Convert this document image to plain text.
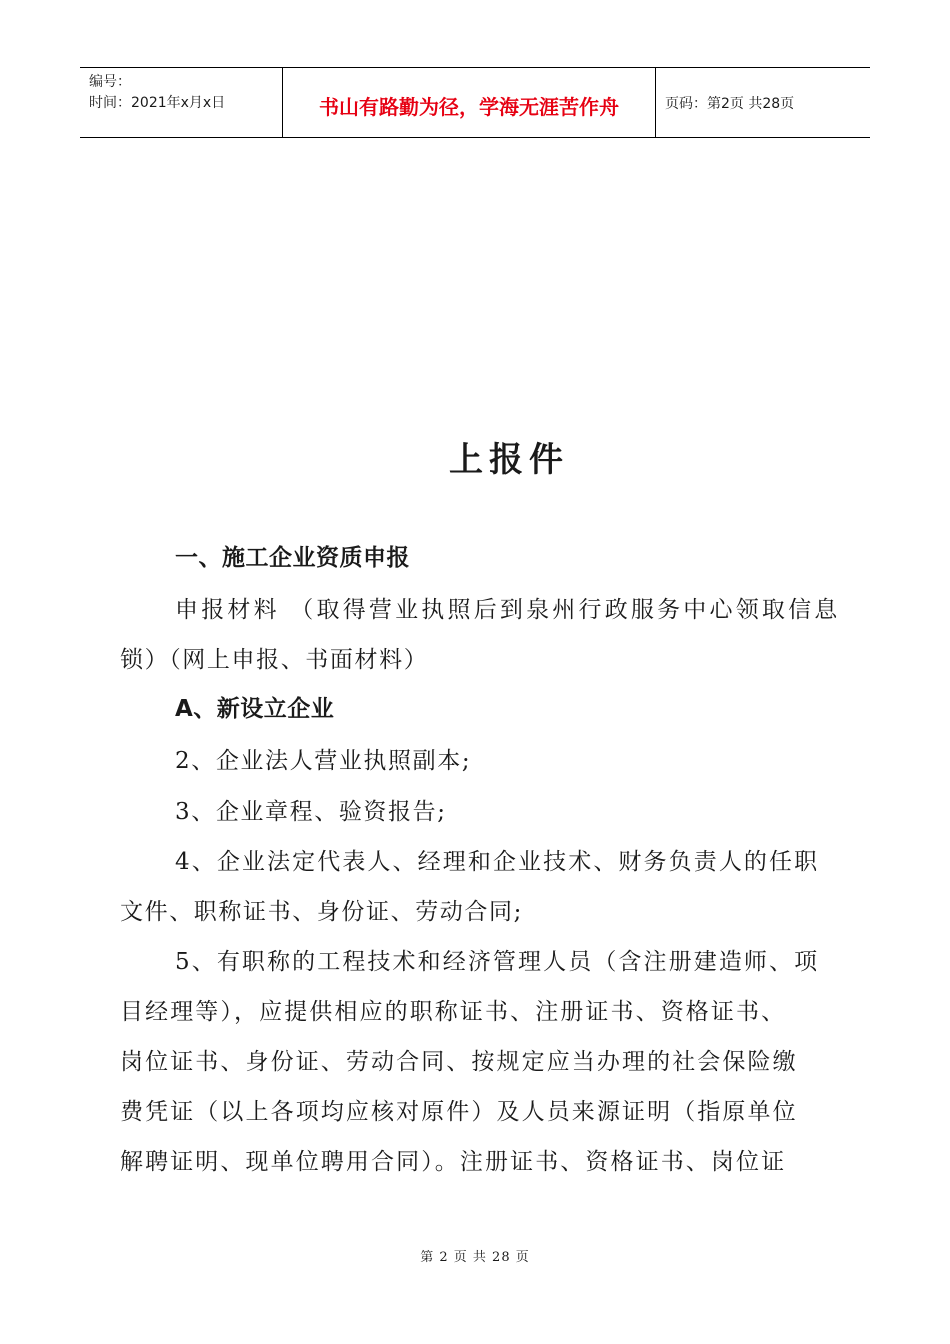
编号：
时间：2021年x月x日	书山有路勤为径，学海无涯苦作舟	页码：第2页 共28页
上报件
一、施工企业资质申报
申报材料 （取得营业执照后到泉州行政服务中心领取信息
锁）（网上申报、书面材料）
A、新设立企业
2、企业法人营业执照副本;
3、企业章程、验资报告;
4、企业法定代表人、经理和企业技术、财务负责人的任职
文件、职称证书、身份证、劳动合同;
5、有职称的工程技术和经济管理人员（含注册建造师、项
目经理等），应提供相应的职称证书、注册证书、资格证书、
岗位证书、身份证、劳动合同、按规定应当办理的社会保险缴
费凭证（以上各项均应核对原件）及人员来源证明（指原单位
解聘证明、现单位聘用合同）。注册证书、资格证书、岗位证
第 2 页 共 28 页
